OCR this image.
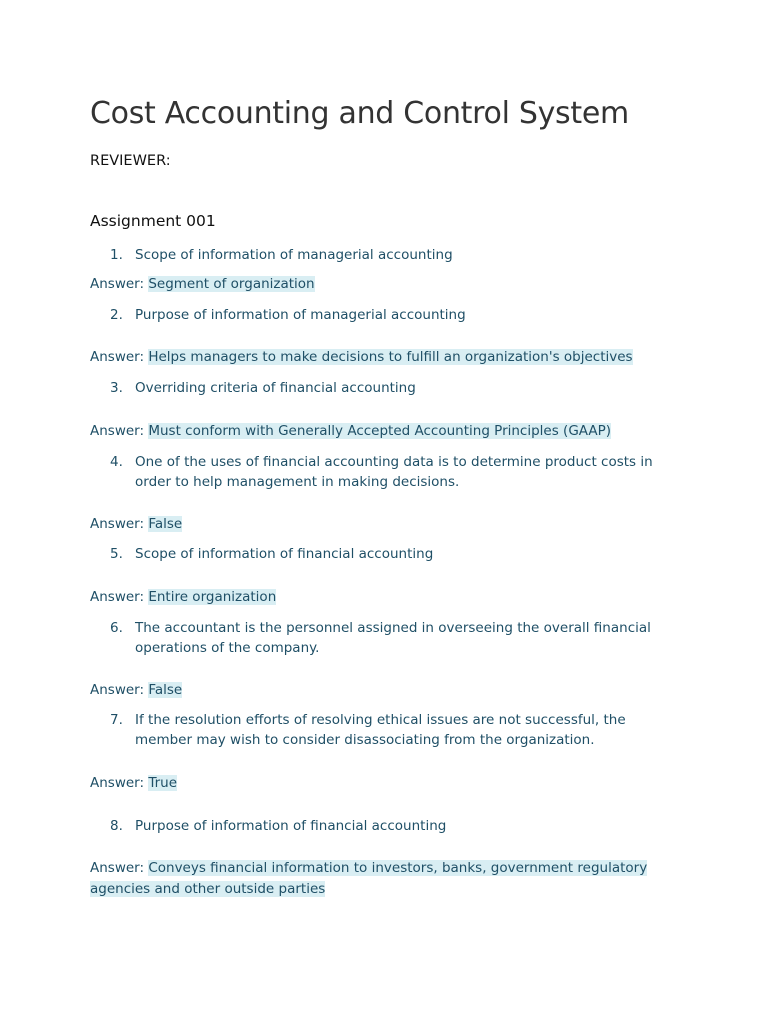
Cost Accounting and Control System
REVIEWER:
Assignment 001
1. Scope of information of managerial accounting
Answer: Segment of organization
2. Purpose of information of managerial accounting
Answer: Helps managers to make decisions to fulfill an organization's objectives
3. Overriding criteria of financial accounting
Answer: Must conform with Generally Accepted Accounting Principles (GAAP)
4. One of the uses of financial accounting data is to determine product costs in order to help management in making decisions.
Answer: False
5. Scope of information of financial accounting
Answer: Entire organization
6. The accountant is the personnel assigned in overseeing the overall financial operations of the company.
Answer: False
7. If the resolution efforts of resolving ethical issues are not successful, the member may wish to consider disassociating from the organization.
Answer: True
8. Purpose of information of financial accounting
Answer: Conveys financial information to investors, banks, government regulatory agencies and other outside parties
